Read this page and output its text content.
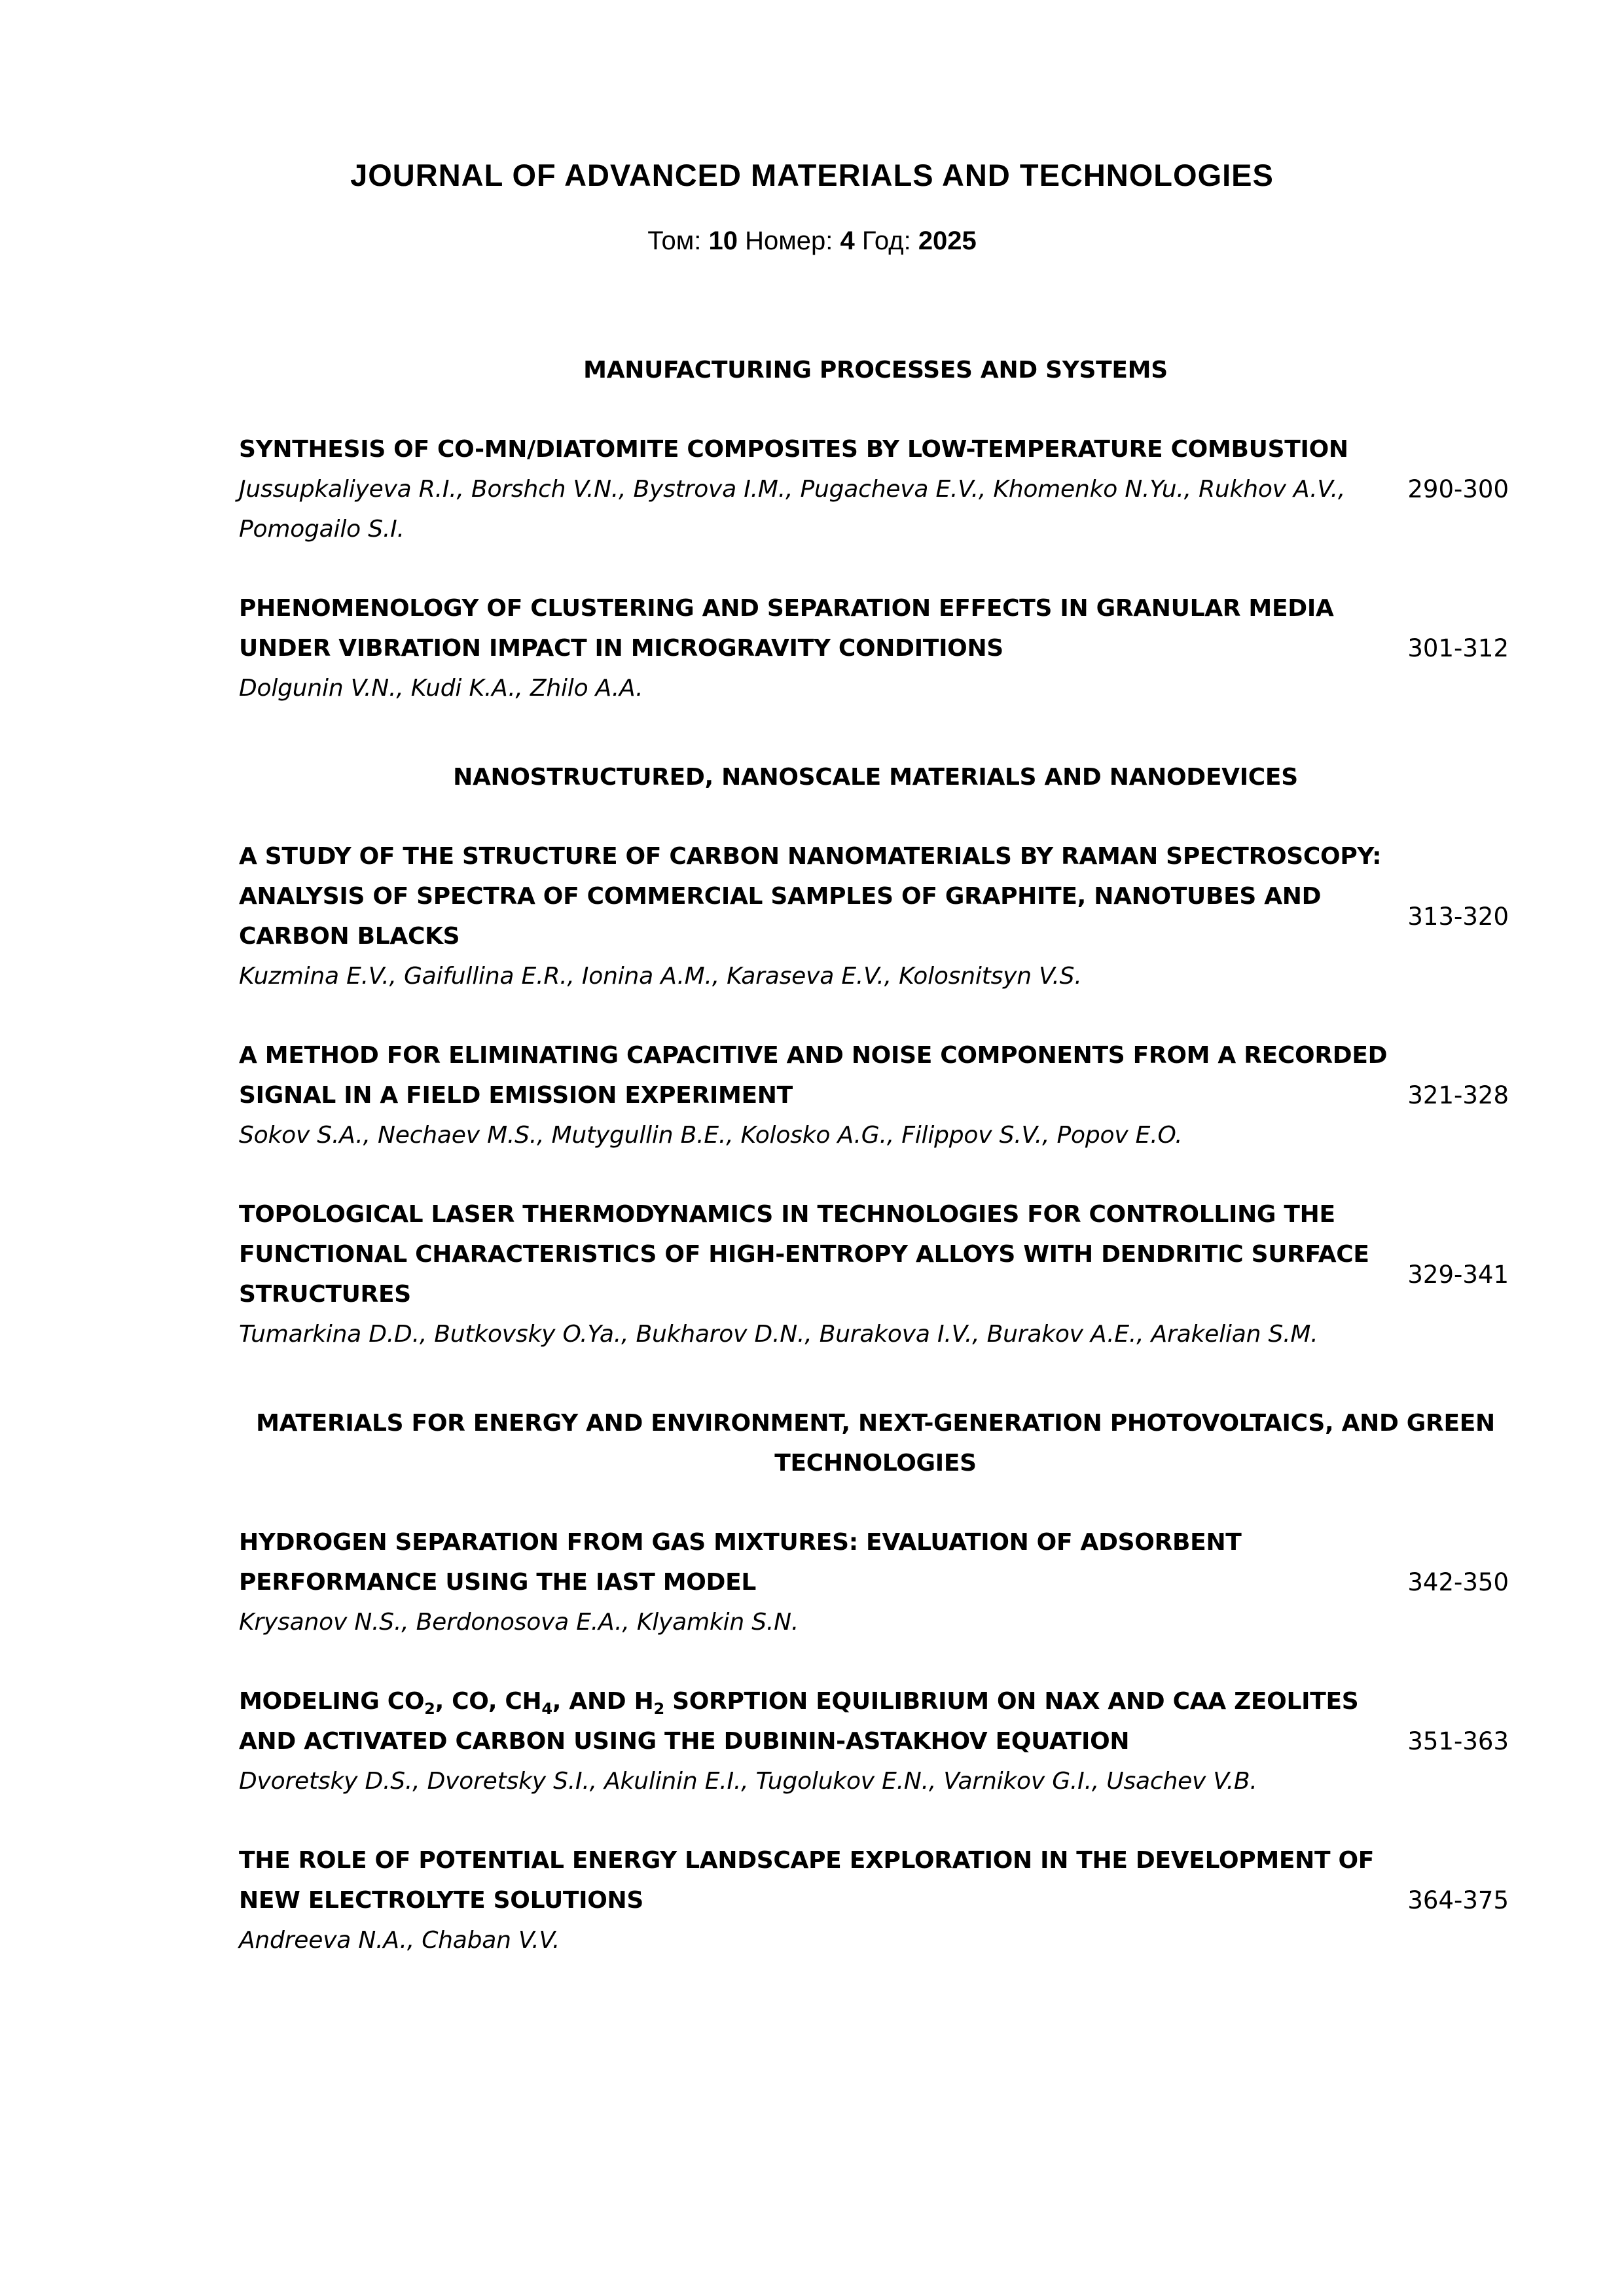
JOURNAL OF ADVANCED MATERIALS AND TECHNOLOGIES
Том: 10 Номер: 4 Год: 2025
MANUFACTURING PROCESSES AND SYSTEMS
SYNTHESIS OF CO-MN/DIATOMITE COMPOSITES BY LOW-TEMPERATURE COMBUSTION
Jussupkaliyeva R.I., Borshch V.N., Bystrova I.M., Pugacheva E.V., Khomenko N.Yu., Rukhov A.V., Pomogailo S.I.
290-300
PHENOMENOLOGY OF CLUSTERING AND SEPARATION EFFECTS IN GRANULAR MEDIA UNDER VIBRATION IMPACT IN MICROGRAVITY CONDITIONS
Dolgunin V.N., Kudi K.A., Zhilo A.A.
301-312
NANOSTRUCTURED, NANOSCALE MATERIALS AND NANODEVICES
A STUDY OF THE STRUCTURE OF CARBON NANOMATERIALS BY RAMAN SPECTROSCOPY: ANALYSIS OF SPECTRA OF COMMERCIAL SAMPLES OF GRAPHITE, NANOTUBES AND CARBON BLACKS
Kuzmina E.V., Gaifullina E.R., Ionina A.M., Karaseva E.V., Kolosnitsyn V.S.
313-320
A METHOD FOR ELIMINATING CAPACITIVE AND NOISE COMPONENTS FROM A RECORDED SIGNAL IN A FIELD EMISSION EXPERIMENT
Sokov S.A., Nechaev M.S., Mutygullin B.E., Kolosko A.G., Filippov S.V., Popov E.O.
321-328
TOPOLOGICAL LASER THERMODYNAMICS IN TECHNOLOGIES FOR CONTROLLING THE FUNCTIONAL CHARACTERISTICS OF HIGH-ENTROPY ALLOYS WITH DENDRITIC SURFACE STRUCTURES
Tumarkina D.D., Butkovsky O.Ya., Bukharov D.N., Burakova I.V., Burakov A.E., Arakelian S.M.
329-341
MATERIALS FOR ENERGY AND ENVIRONMENT, NEXT-GENERATION PHOTOVOLTAICS, AND GREEN TECHNOLOGIES
HYDROGEN SEPARATION FROM GAS MIXTURES: EVALUATION OF ADSORBENT PERFORMANCE USING THE IAST MODEL
Krysanov N.S., Berdonosova E.A., Klyamkin S.N.
342-350
MODELING $CO_2$, CO, $CH_4$, AND $H_2$ SORPTION EQUILIBRIUM ON NAX AND CAA ZEOLITES AND ACTIVATED CARBON USING THE DUBININ-ASTAKHOV EQUATION
Dvoretsky D.S., Dvoretsky S.I., Akulinin E.I., Tugolukov E.N., Varnikov G.I., Usachev V.B.
351-363
THE ROLE OF POTENTIAL ENERGY LANDSCAPE EXPLORATION IN THE DEVELOPMENT OF NEW ELECTROLYTE SOLUTIONS
Andreeva N.A., Chaban V.V.
364-375
